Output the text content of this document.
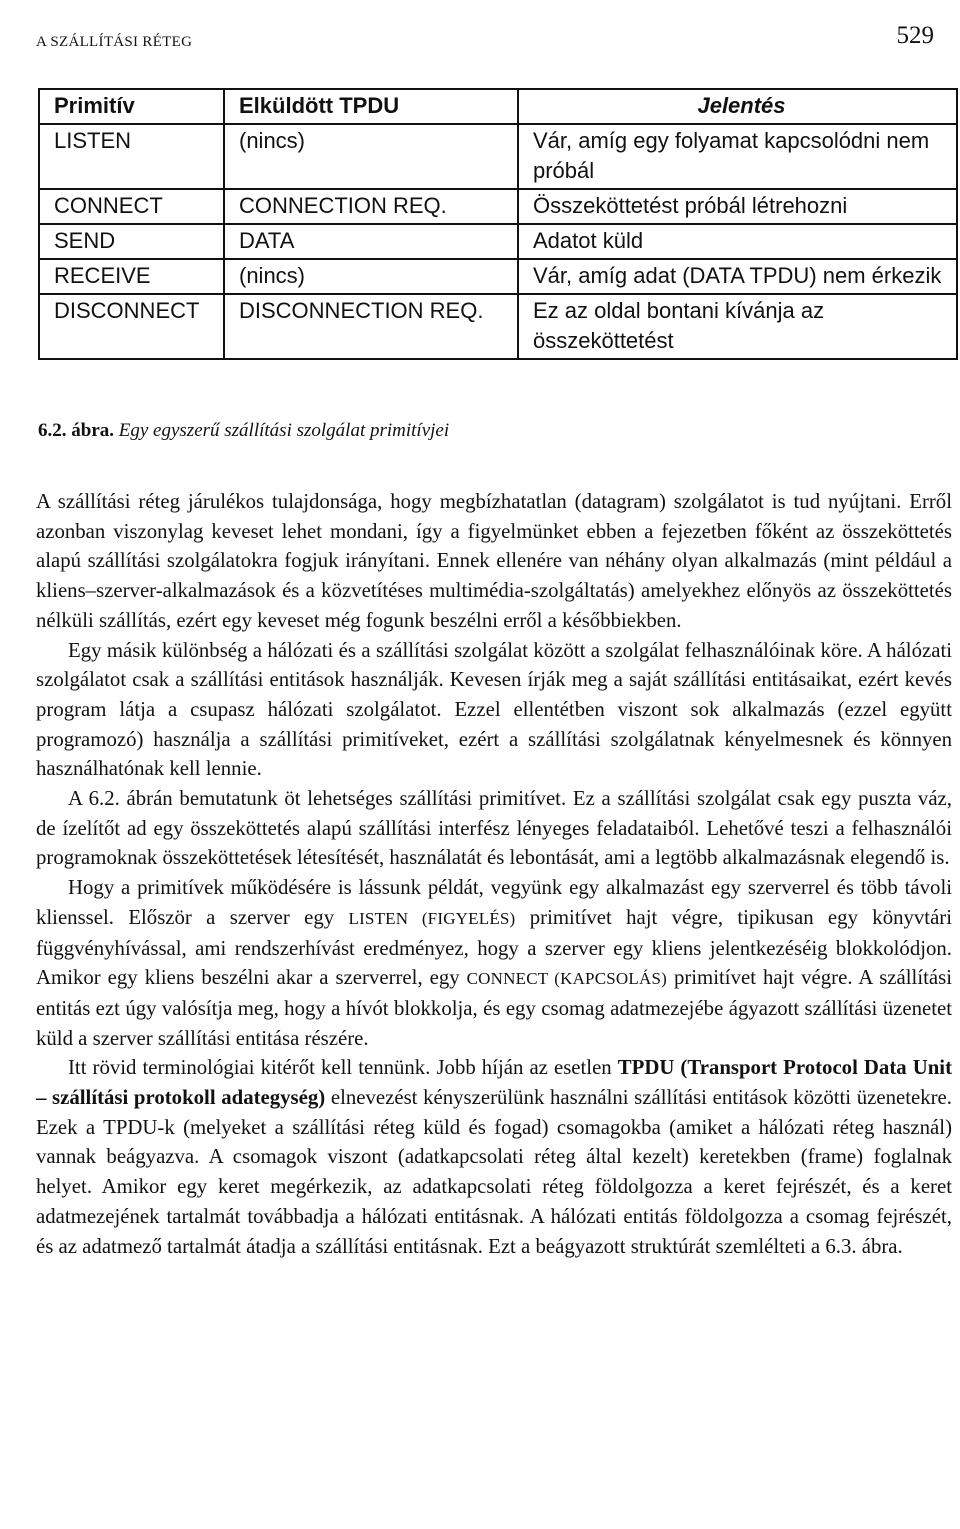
A SZÁLLÍTÁSI RÉTEG	529
Primitív	Elküldött TPDU	Jelentés
LISTEN	(nincs)	Vár, amíg egy folyamat kapcsolódni nem próbál
CONNECT	CONNECTION REQ.	Összeköttetést próbál létrehozni
SEND	DATA	Adatot küld
RECEIVE	(nincs)	Vár, amíg adat (DATA TPDU) nem érkezik
DISCONNECT	DISCONNECTION REQ.	Ez az oldal bontani kívánja az összeköttetést
6.2. ábra. Egy egyszerű szállítási szolgálat primitívjei

A szállítási réteg járulékos tulajdonsága, hogy megbízhatatlan (datagram) szolgálatot is tud nyújtani. Erről azonban viszonylag keveset lehet mondani, így a figyelmünket ebben a fejezetben főként az összeköttetés alapú szállítási szolgálatokra fogjuk irányítani. Ennek ellenére van néhány olyan alkalmazás (mint például a kliens–szerver-alkalmazások és a közvetítéses multimédia-szolgáltatás) amelyekhez előnyös az összeköttetés nélküli szállítás, ezért egy keveset még fogunk beszélni erről a későbbiekben.

Egy másik különbség a hálózati és a szállítási szolgálat között a szolgálat felhasználóinak köre. A hálózati szolgálatot csak a szállítási entitások használják. Kevesen írják meg a saját szállítási entitásaikat, ezért kevés program látja a csupasz hálózati szolgálatot. Ezzel ellentétben viszont sok alkalmazás (ezzel együtt programozó) használja a szállítási primitíveket, ezért a szállítási szolgálatnak kényelmesnek és könnyen használhatónak kell lennie.

A 6.2. ábrán bemutatunk öt lehetséges szállítási primitívet. Ez a szállítási szolgálat csak egy puszta váz, de ízelítőt ad egy összeköttetés alapú szállítási interfész lényeges feladataiból. Lehetővé teszi a felhasználói programoknak összeköttetések létesítését, használatát és lebontását, ami a legtöbb alkalmazásnak elegendő is.

Hogy a primitívek működésére is lássunk példát, vegyünk egy alkalmazást egy szerverrel és több távoli klienssel. Először a szerver egy LISTEN (FIGYELÉS) primitívet hajt végre, tipikusan egy könyvtári függvényhívással, ami rendszerhívást eredményez, hogy a szerver egy kliens jelentkezéséig blokkolódjon. Amikor egy kliens beszélni akar a szerverrel, egy CONNECT (KAPCSOLÁS) primitívet hajt végre. A szállítási entitás ezt úgy valósítja meg, hogy a hívót blokkolja, és egy csomag adatmezejébe ágyazott szállítási üzenetet küld a szerver szállítási entitása részére.

Itt rövid terminológiai kitérőt kell tennünk. Jobb híján az esetlen TPDU (Transport Protocol Data Unit – szállítási protokoll adategység) elnevezést kényszerülünk használni szállítási entitások közötti üzenetekre. Ezek a TPDU-k (melyeket a szállítási réteg küld és fogad) csomagokba (amiket a hálózati réteg használ) vannak beágyazva. A csomagok viszont (adatkapcsolati réteg által kezelt) keretekben (frame) foglalnak helyet. Amikor egy keret megérkezik, az adatkapcsolati réteg földolgozza a keret fejrészét, és a keret adatmezejének tartalmát továbbadja a hálózati entitásnak. A hálózati entitás földolgozza a csomag fejrészét, és az adatmező tartalmát átadja a szállítási entitásnak. Ezt a beágyazott struktúrát szemlélteti a 6.3. ábra.
